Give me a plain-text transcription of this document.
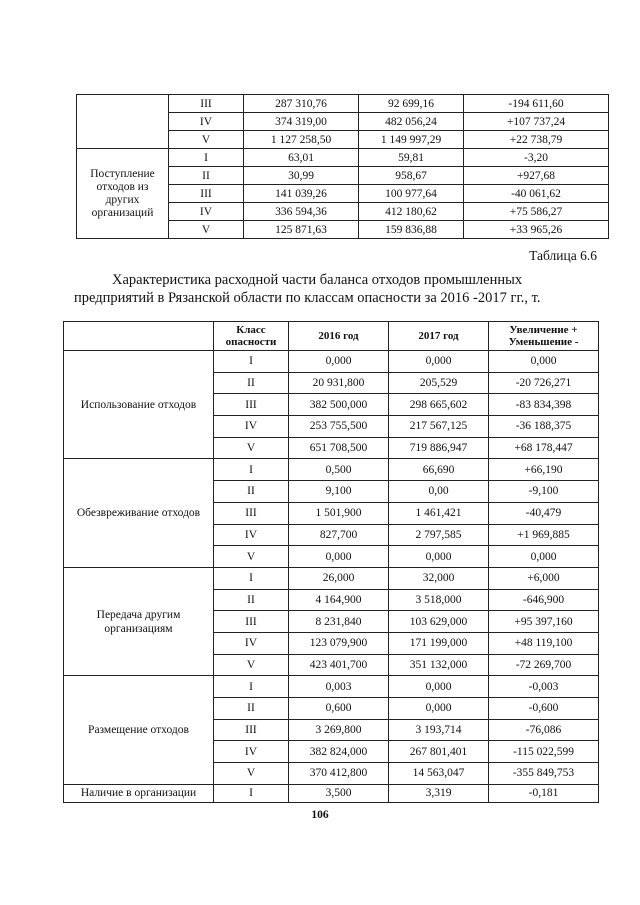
	III	287 310,76	92 699,16	-194 611,60
	IV	374 319,00	482 056,24	+107 737,24
	V	1 127 258,50	1 149 997,29	+22 738,79
Поступление отходов из других организаций	I	63,01	59,81	-3,20
	II	30,99	958,67	+927,68
	III	141 039,26	100 977,64	-40 061,62
	IV	336 594,36	412 180,62	+75 586,27
	V	125 871,63	159 836,88	+33 965,26
Таблица 6.6
Характеристика расходной части баланса отходов промышленных
предприятий в Рязанской области по классам опасности за 2016 -2017 гг., т.
	Класс опасности	2016 год	2017 год	Увеличение + Уменьшение -
Использование отходов	I	0,000	0,000	0,000
	II	20 931,800	205,529	-20 726,271
	III	382 500,000	298 665,602	-83 834,398
	IV	253 755,500	217 567,125	-36 188,375
	V	651 708,500	719 886,947	+68 178,447
Обезвреживание отходов	I	0,500	66,690	+66,190
	II	9,100	0,00	-9,100
	III	1 501,900	1 461,421	-40,479
	IV	827,700	2 797,585	+1 969,885
	V	0,000	0,000	0,000
Передача другим организациям	I	26,000	32,000	+6,000
	II	4 164,900	3 518,000	-646,900
	III	8 231,840	103 629,000	+95 397,160
	IV	123 079,900	171 199,000	+48 119,100
	V	423 401,700	351 132,000	-72 269,700
Размещение отходов	I	0,003	0,000	-0,003
	II	0,600	0,000	-0,600
	III	3 269,800	3 193,714	-76,086
	IV	382 824,000	267 801,401	-115 022,599
	V	370 412,800	14 563,047	-355 849,753
Наличие в организации	I	3,500	3,319	-0,181
106
